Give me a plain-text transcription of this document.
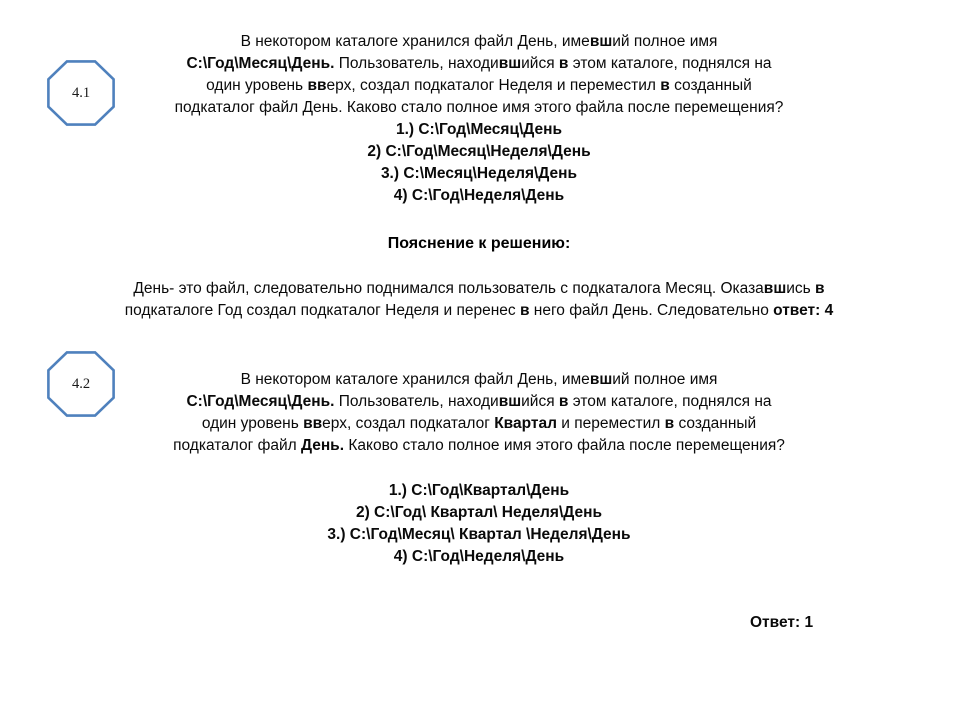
4.1
В некотором каталоге хранился файл День, имевший полное имя
C:\Год\Месяц\День. Пользователь, находившийся в этом каталоге, поднялся на
один уровень вверх, создал подкаталог Неделя и переместил в созданный
подкаталог файл День. Каково стало полное имя этого файла после перемещения?
1.) C:\Год\Месяц\День
2) C:\Год\Месяц\Неделя\День
3.) C:\Месяц\Неделя\День
4) C:\Год\Неделя\День
Пояснение к решению:
День- это файл, следовательно поднимался пользователь с подкаталога Месяц. Оказавшись в
подкаталоге Год создал подкаталог Неделя и перенес в него файл День. Следовательно ответ: 4
4.2	В некотором каталоге хранился файл День, имевший полное имя
C:\Год\Месяц\День. Пользователь, находившийся в этом каталоге, поднялся на
один уровень вверх, создал подкаталог Квартал и переместил в созданный
подкаталог файл День. Каково стало полное имя этого файла после перемещения?
1.) C:\Год\Квартал\День
2) C:\Год\ Квартал\ Неделя\День
3.) C:\Год\Месяц\ Квартал \Неделя\День
4) C:\Год\Неделя\День
Ответ: 1
